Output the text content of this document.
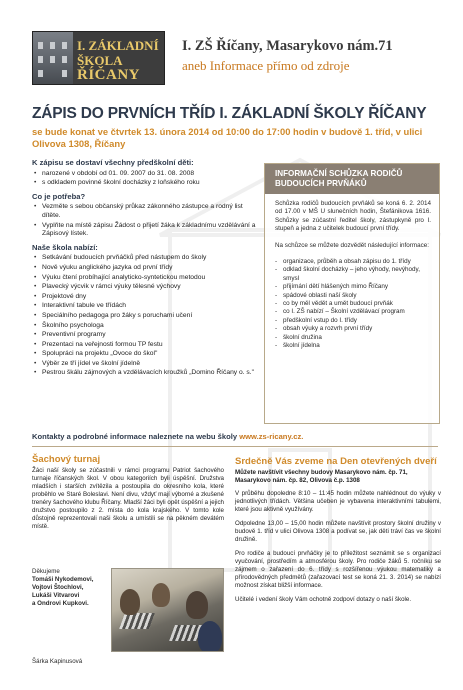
I. ZÁKLADNÍ
ŠKOLA
ŘÍČANY
I. ZŠ Říčany, Masarykovo nám.71
aneb Informace přímo od zdroje
ZÁPIS DO PRVNÍCH TŘÍD I. ZÁKLADNÍ ŠKOLY ŘÍČANY
se bude konat ve čtvrtek 13. února 2014 od 10:00 do 17:00 hodin v budově 1. tříd, v ulici Olivova 1308, Říčany
K zápisu se dostaví všechny předškolní děti:
• narozené v období od 01. 09. 2007 do 31. 08. 2008
• s odkladem povinné školní docházky z loňského roku
Co je potřeba?
• Vezměte s sebou občanský průkaz zákonného zástupce a rodný list dítěte.
• Vyplňte na místě zápisu Žádost o přijetí žáka k základnímu vzdělávání a Zápisový lístek.
Naše škola nabízí:
• Setkávání budoucích prvňáčků před nástupem do školy
• Nově výuku anglického jazyka od první třídy
• Výuku čtení probíhající analyticko-syntetickou metodou
• Plavecký výcvik v rámci výuky tělesné výchovy
• Projektové dny
• Interaktivní tabule ve třídách
• Speciálního pedagoga pro žáky s poruchami učení
• Školního psychologa
• Preventivní programy
• Prezentaci na veřejnosti formou TP festu
• Spolupráci na projektu „Ovoce do škol"
• Výběr ze tří jídel ve školní jídelně
• Pestrou škálu zájmových a vzdělávacích kroužků „Domino Říčany o. s."
INFORMAČNÍ SCHŮZKA RODIČŮ BUDOUCÍCH PRVŇÁKŮ

Schůzka rodičů budoucích prvňáků se koná 6. 2. 2014 od 17.00 v MŠ U slunečních hodin, Štefánikova 1616. Schůzky se zúčastní ředitel školy, zástupkyně pro I. stupeň a jedna z učitelek budoucí první třídy.

Na schůzce se můžete dozvědět následující informace:

- organizace, průběh a obsah zápisu do 1. třídy
- odklad školní docházky – jeho výhody, nevýhody, smysl
- přijímání dětí hlášených mimo Říčany
- spádové oblasti naší školy
- co by měl vědět a umět budoucí prvňák
- co I. ZŠ nabízí – Školní vzdělávací program
- předškolní vstup do I. třídy
- obsah výuky a rozvrh první třídy
- školní družina
- školní jídelna
Kontakty a podrobné informace naleznete na webu školy www.zs-ricany.cz.
Šachový turnaj

Žáci naší školy se zúčastnili v rámci programu Patriot šachového turnaje říčanských škol. V obou kategoriích byli úspěšní. Družstva mladších i starších zvítězila a postoupila do okresního kola, které proběhlo ve Staré Boleslavi. Není divu, vždyť mají výborné a zkušené trenéry šachového klubu Říčany. Mladší žáci byli opět úspěšní a jejich družstvo postoupilo z 2. místa do kola krajského. V tomto kole důstojně reprezentovali naši školu a umístili se na pěkném devátém místě.

Děkujeme
Tomáši Nykodemovi,
Vojtovi Štochlovi,
Lukáši Vitvarovi
a Ondrovi Kupkovi.
Šárka Kapinusová
Srdečně Vás zveme na Den otevřených dveří
Můžete navštívit všechny budovy Masarykovo nám. čp. 71, Masarykovo nám. čp. 82, Olivova č.p. 1308

V průběhu dopoledne 8:10 – 11:45 hodin můžete nahlédnout do výuky v jednotlivých třídách. Většina učeben je vybavena interaktivními tabulemi, které jsou aktivně využívány.

Odpoledne 13,00 – 15,00 hodin můžete navštívit prostory školní družiny v budově 1. tříd v ulici Olivova 1308 a podívat se, jak děti tráví čas ve školní družině.

Pro rodiče a budoucí prvňáčky je to příležitost seznámit se s organizací vyučování, prostředím a atmosférou školy. Pro rodiče žáků 5. ročníku se zájmem o zařazení do 6. třídy s rozšířenou výukou matematiky a přírodovědných předmětů (zařazovací test se koná 21. 3. 2014) se nabízí možnost získat bližší informace.

Učitelé i vedení školy Vám ochotně zodpoví dotazy o naší škole.
